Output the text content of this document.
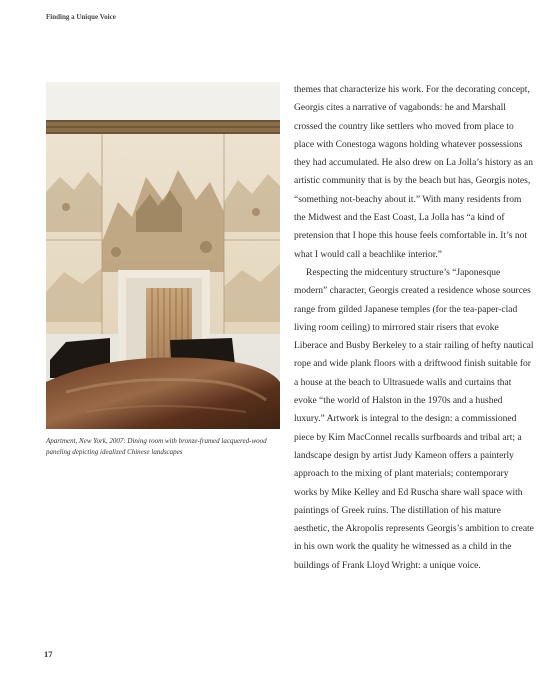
Finding a Unique Voice
Apartment, New York, 2007: Dining room with bronze-framed lacquered-wood paneling depicting idealized Chinese landscapes

themes that characterize his work. For the decorating concept, Georgis cites a narrative of vagabonds: he and Marshall crossed the country like settlers who moved from place to place with Conestoga wagons holding whatever possessions they had accumulated. He also drew on La Jolla’s history as an artistic community that is by the beach but has, Georgis notes, “something not-beachy about it.” With many residents from the Midwest and the East Coast, La Jolla has “a kind of pretension that I hope this house feels comfortable in. It’s not what I would call a beachlike interior.”

Respecting the midcentury structure’s “Japonesque modern” character, Georgis created a residence whose sources range from gilded Japanese temples (for the tea-paper-clad living room ceiling) to mirrored stair risers that evoke Liberace and Busby Berkeley to a stair railing of hefty nautical rope and wide plank floors with a driftwood finish suitable for a house at the beach to Ultrasuede walls and curtains that evoke “the world of Halston in the 1970s and a hushed luxury.” Artwork is integral to the design: a commissioned piece by Kim MacConnel recalls surfboards and tribal art; a landscape design by artist Judy Kameon offers a painterly approach to the mixing of plant materials; contemporary works by Mike Kelley and Ed Ruscha share wall space with paintings of Greek ruins. The distillation of his mature aesthetic, the Akropolis represents Georgis’s ambition to create in his own work the quality he witnessed as a child in the buildings of Frank Lloyd Wright: a unique voice.

17
